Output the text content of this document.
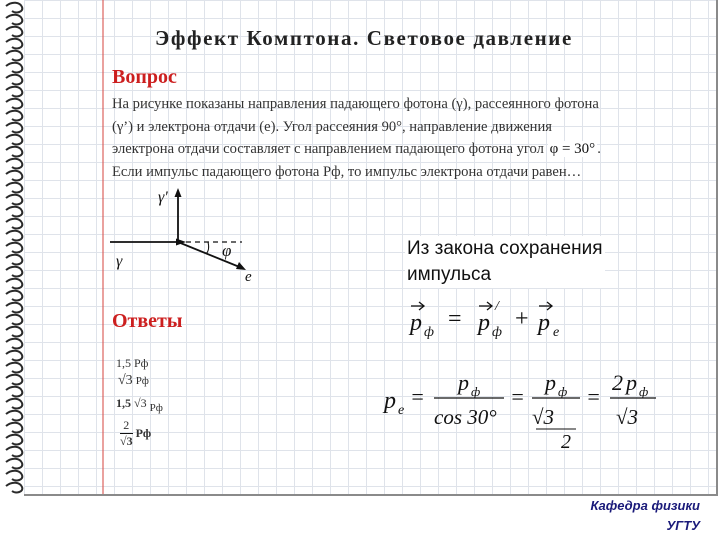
Эффект Комптона. Световое давление
Вопрос
На рисунке показаны направления падающего фотона (γ), рассеянного фотона
(γ’) и электрона отдачи (e). Угол рассеяния 90°, направление движения
электрона отдачи составляет с направлением падающего фотона угол φ = 30° .
Если импульс падающего фотона Pф, то импульс электрона отдачи равен…
γ'
γ
φ
e
Ответы
1,5 Pф
√3 Pф
1,5 √3 Pф
$\frac{2}{√3}$ Pф
Из закона сохранения
импульса
p ф
= p ф
/ + p e
p e
=
p ф
cos 30°
=
p ф
√3
2
=
2 p ф
√3
Кафедра физики
УГТУ
